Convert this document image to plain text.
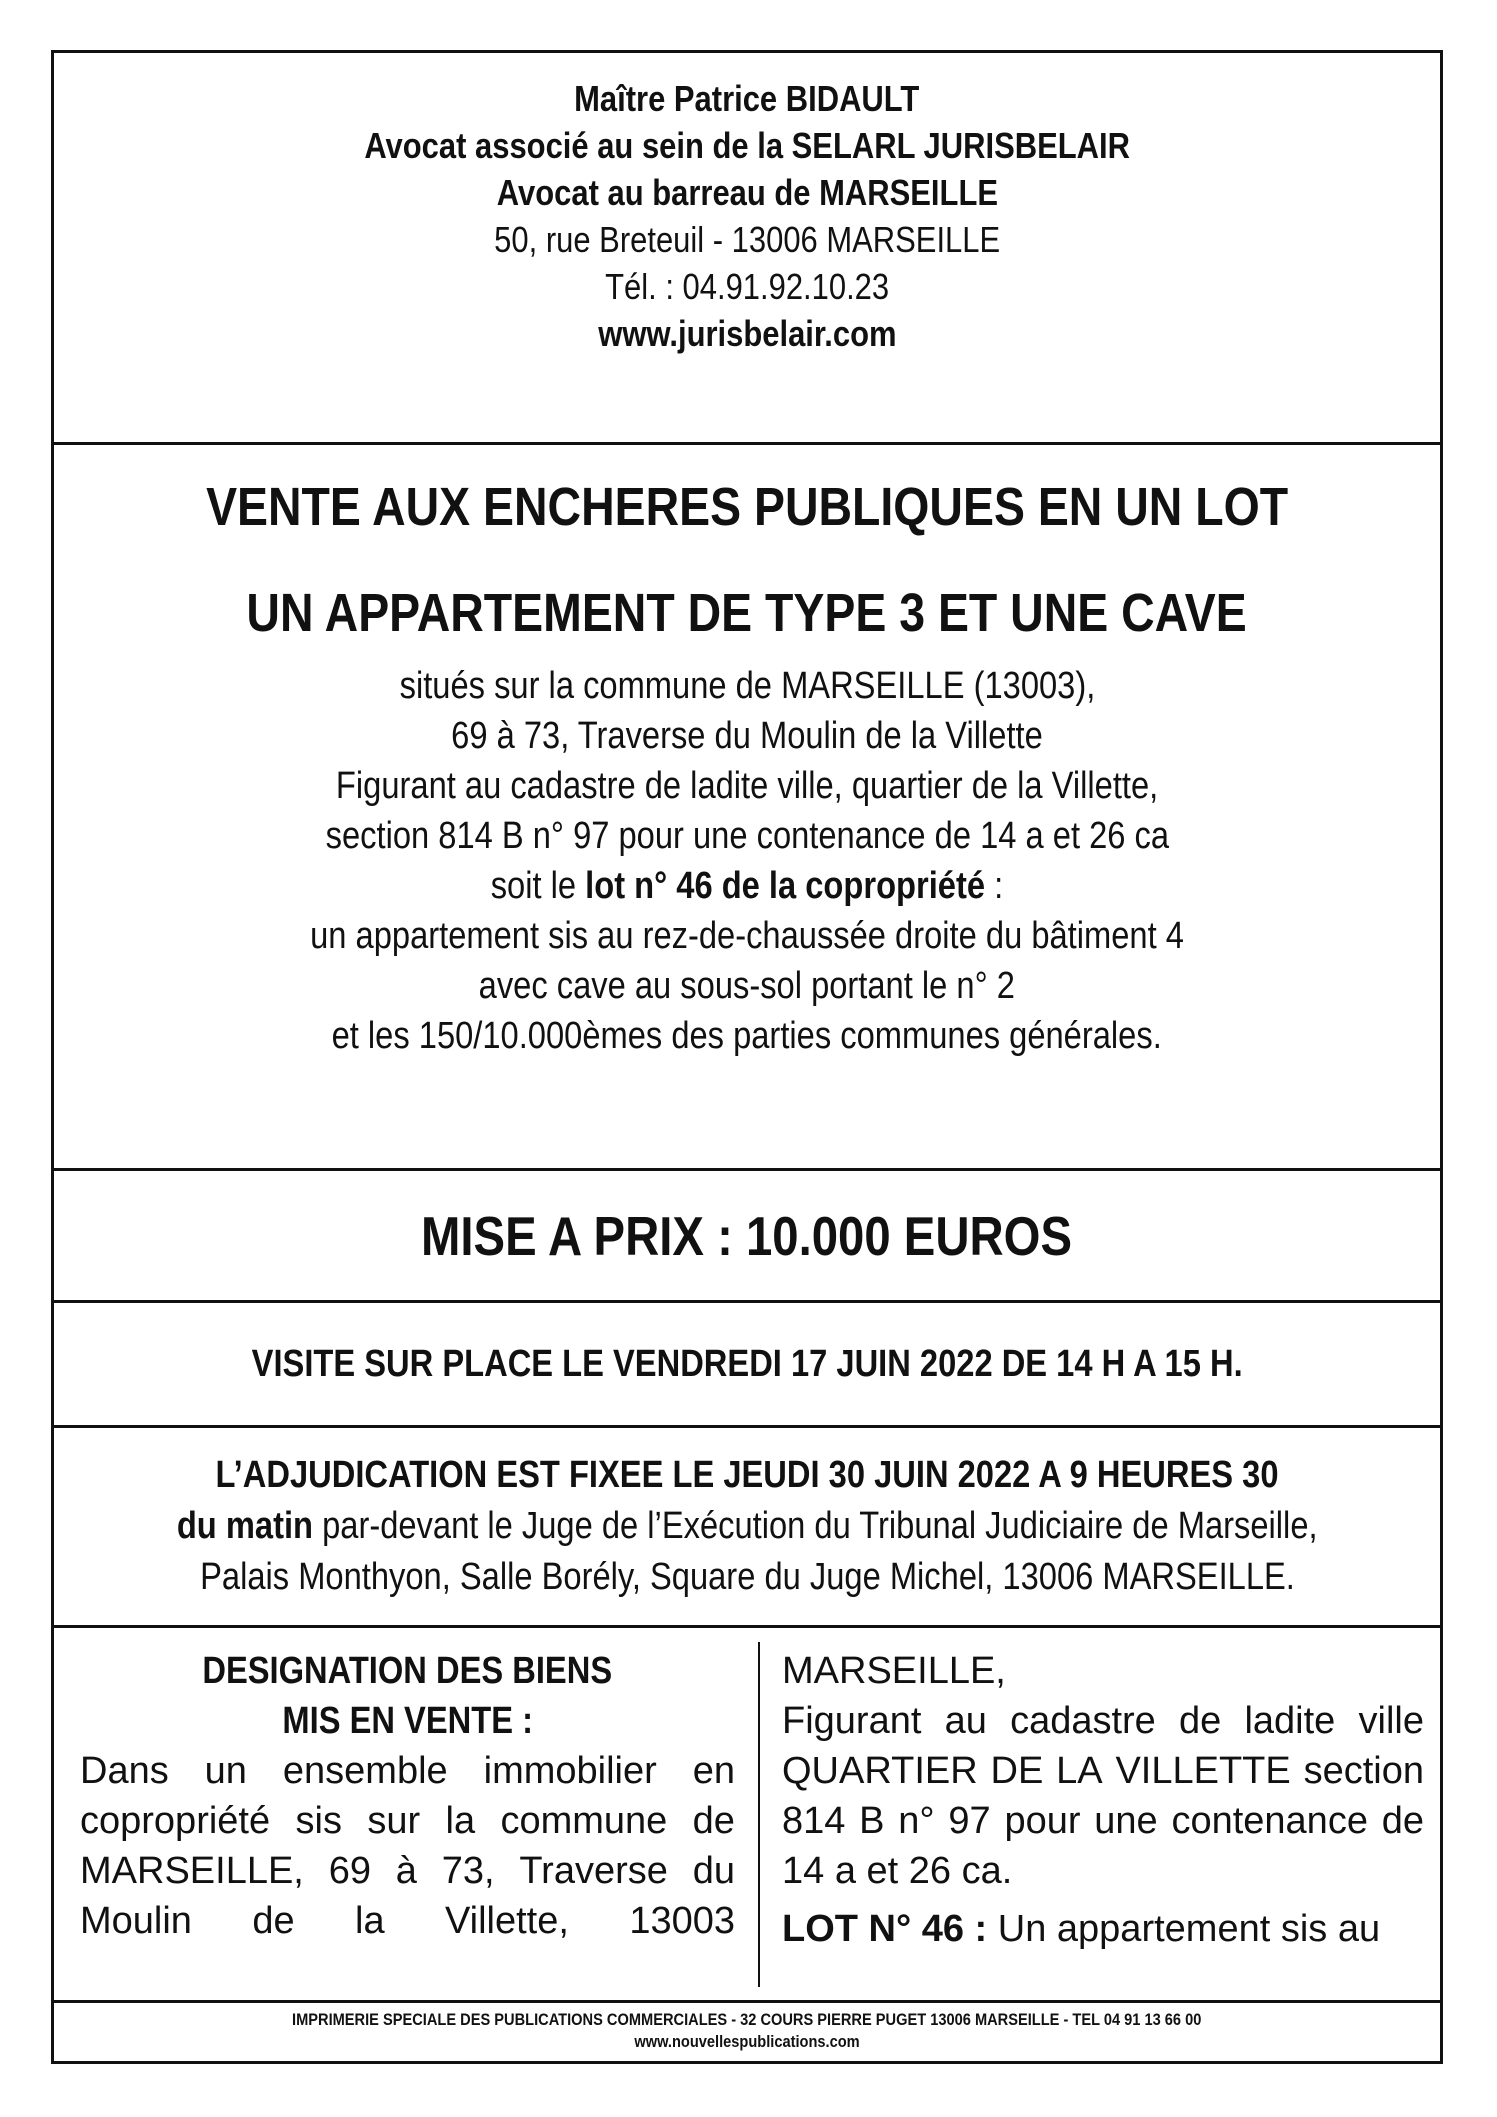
Maître Patrice BIDAULT
Avocat associé au sein de la SELARL JURISBELAIR
Avocat au barreau de MARSEILLE
50, rue Breteuil - 13006 MARSEILLE
Tél. : 04.91.92.10.23
www.jurisbelair.com
VENTE AUX ENCHERES PUBLIQUES EN UN LOT
UN APPARTEMENT DE TYPE 3 ET UNE CAVE
situés sur la commune de MARSEILLE (13003),
69 à 73, Traverse du Moulin de la Villette
Figurant au cadastre de ladite ville, quartier de la Villette,
section 814 B n° 97 pour une contenance de 14 a et 26 ca
soit le lot n° 46 de la copropriété :
un appartement sis au rez-de-chaussée droite du bâtiment 4
avec cave au sous-sol portant le n° 2
et les 150/10.000èmes des parties communes générales.
MISE A PRIX : 10.000 EUROS
VISITE SUR PLACE LE VENDREDI 17 JUIN 2022 DE 14 H A 15 H.
L’ADJUDICATION EST FIXEE LE JEUDI 30 JUIN 2022 A 9 HEURES 30
du matin par-devant le Juge de l’Exécution du Tribunal Judiciaire de Marseille,
Palais Monthyon, Salle Borély, Square du Juge Michel, 13006 MARSEILLE.
DESIGNATION DES BIENS
MIS EN VENTE :
Dans un ensemble immobilier en
copropriété sis sur la commune de
MARSEILLE, 69 à 73, Traverse du
Moulin de la Villette, 13003
MARSEILLE,
Figurant au cadastre de ladite ville
QUARTIER DE LA VILLETTE section
814 B n° 97 pour une contenance de
14 a et 26 ca.
LOT N° 46 : Un appartement sis au
IMPRIMERIE SPECIALE DES PUBLICATIONS COMMERCIALES - 32 COURS PIERRE PUGET 13006 MARSEILLE - TEL 04 91 13 66 00
www.nouvellespublications.com
